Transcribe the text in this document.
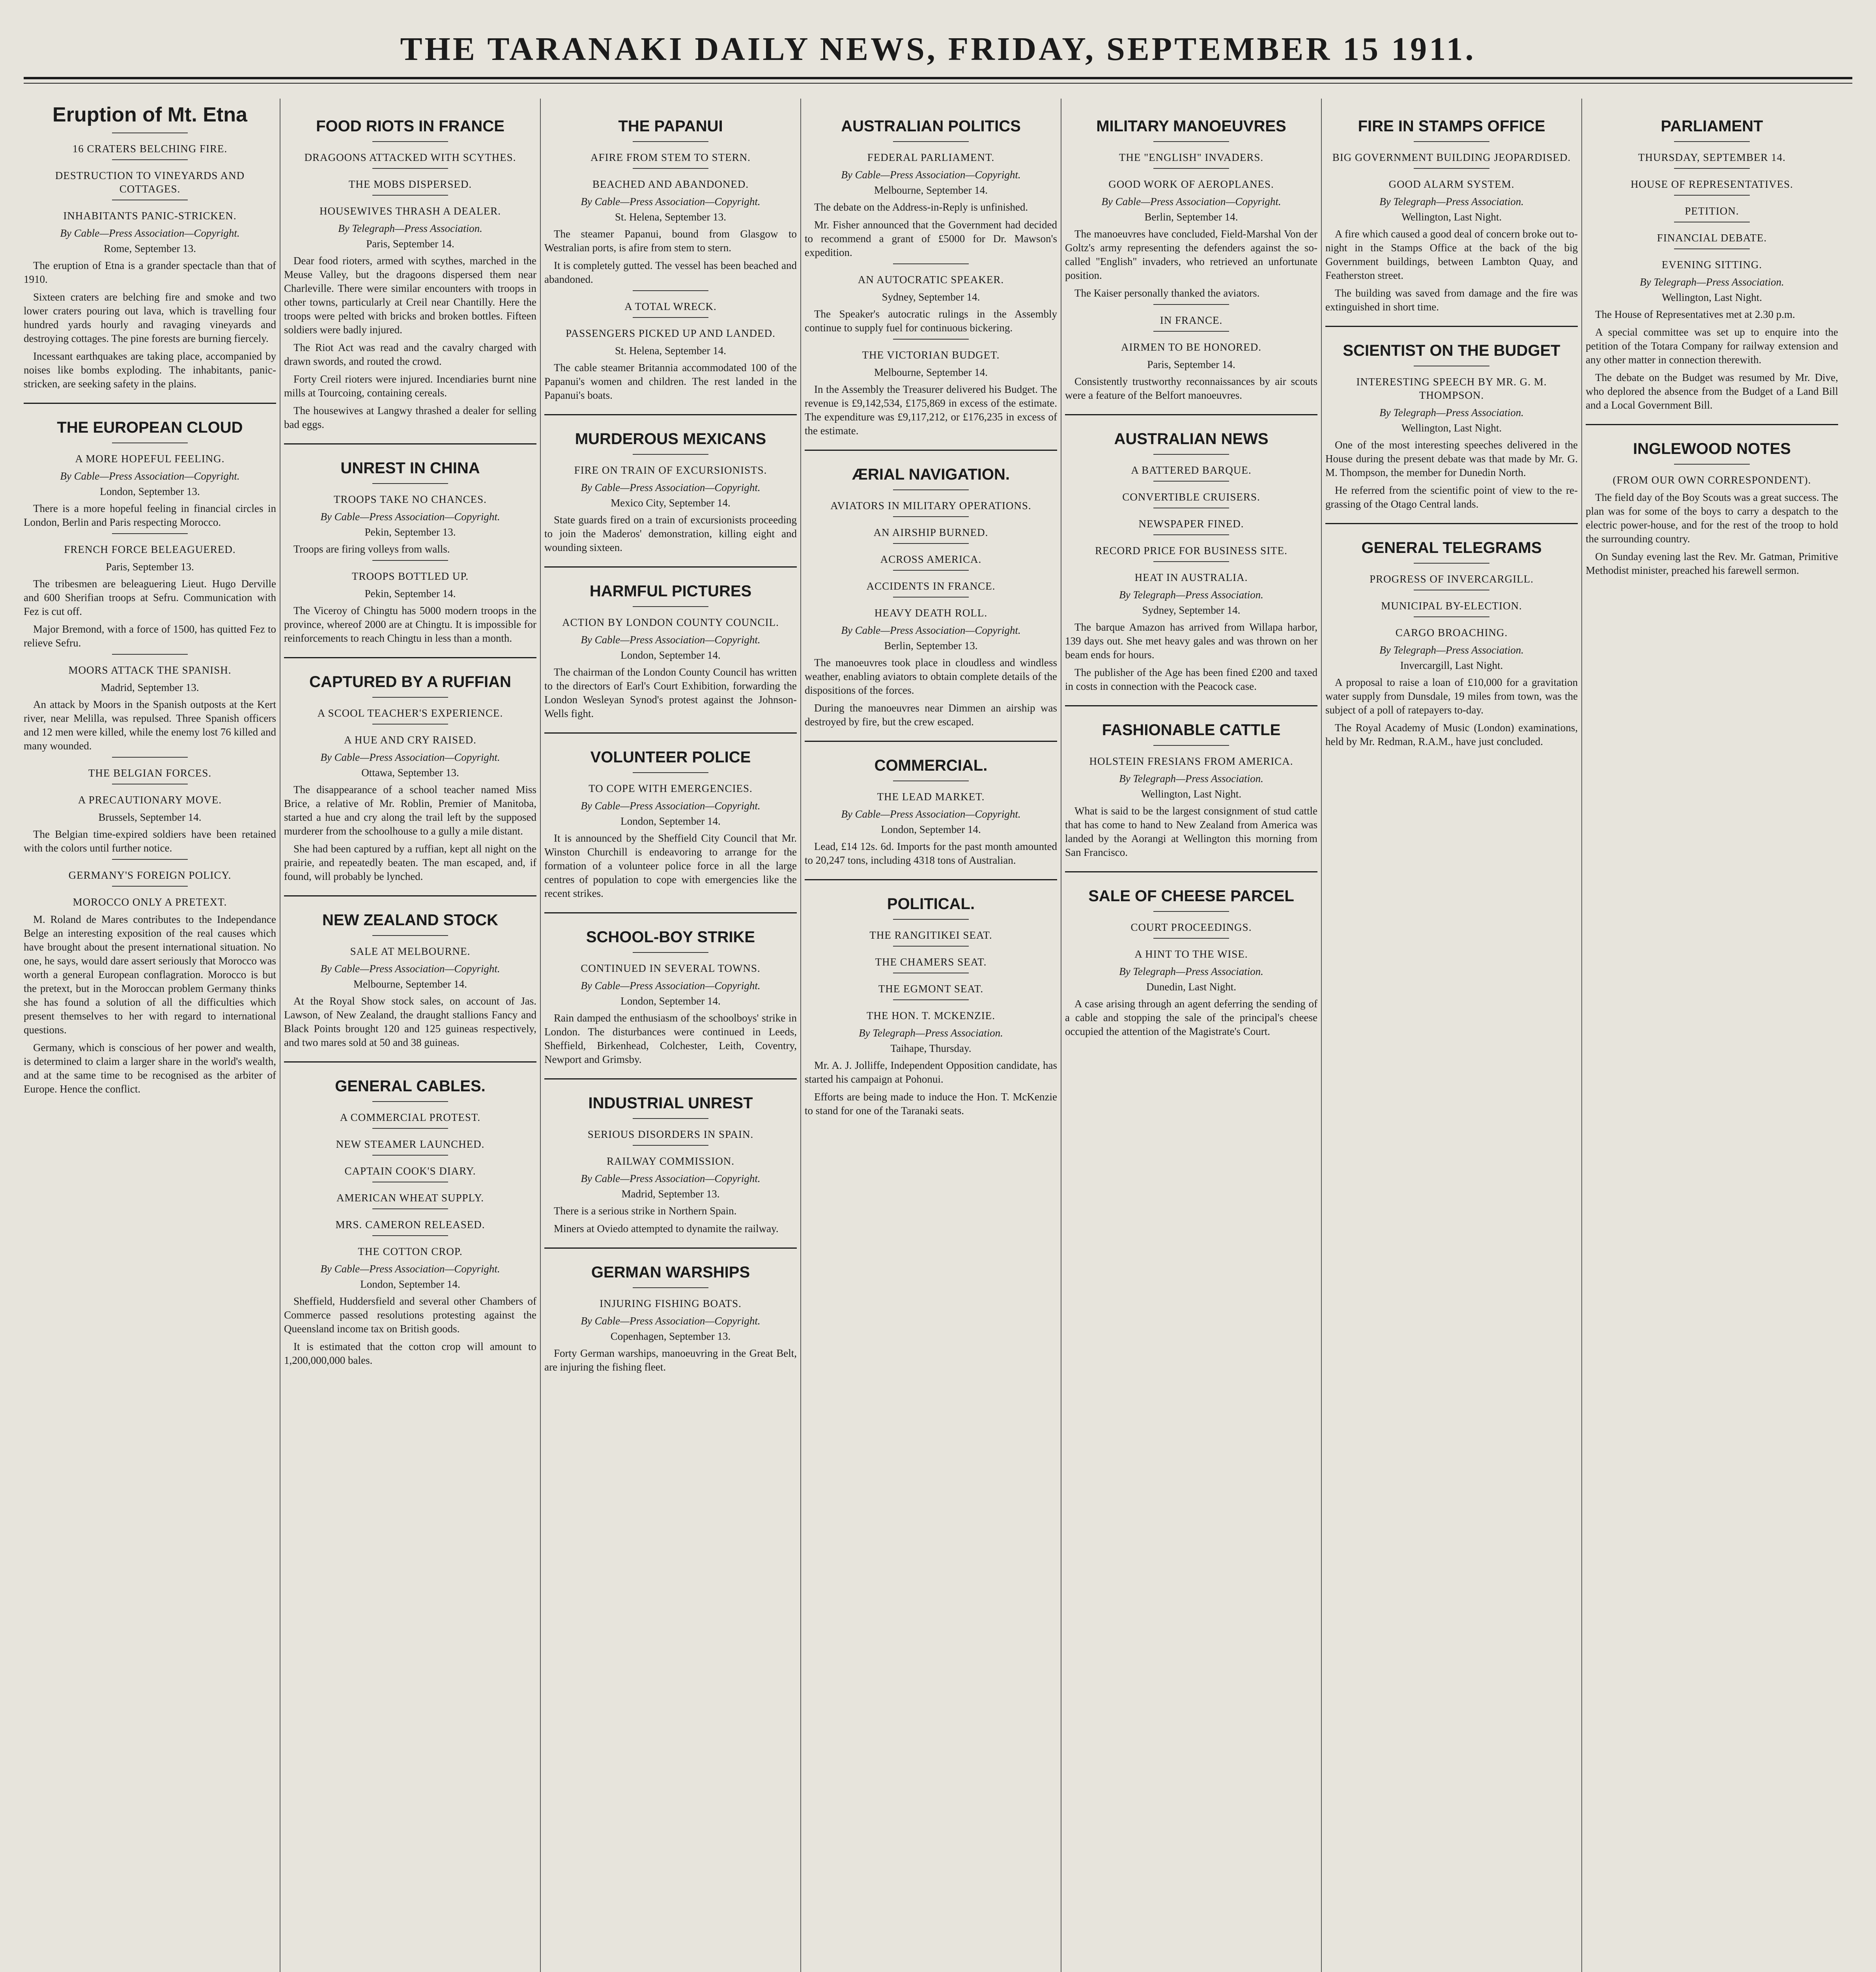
THE TARANAKI DAILY NEWS, FRIDAY, SEPTEMBER 15 1911.
Eruption of Mt. Etna
16 CRATERS BELCHING FIRE.
DESTRUCTION TO VINEYARDS AND COTTAGES.
INHABITANTS PANIC-STRICKEN.
By Cable—Press Association—Copyright.
Rome, September 13.

The eruption of Etna is a grander spectacle than that of 1910.

Sixteen craters are belching fire and smoke and two lower craters pouring out lava, which is travelling four hundred yards hourly and ravaging vineyards and destroying cottages. The pine forests are burning fiercely.

Incessant earthquakes are taking place, accompanied by noises like bombs exploding. The inhabitants, panic-stricken, are seeking safety in the plains.

THE EUROPEAN CLOUD
A MORE HOPEFUL FEELING.
By Cable—Press Association—Copyright.
London, September 13.

There is a more hopeful feeling in financial circles in London, Berlin and Paris respecting Morocco.

FRENCH FORCE BELEAGUERED.
Paris, September 13.

The tribesmen are beleaguering Lieut. Hugo Derville and 600 Sherifian troops at Sefru. Communication with Fez is cut off.

Major Bremond, with a force of 1500, has quitted Fez to relieve Sefru.

MOORS ATTACK THE SPANISH.
Madrid, September 13.

An attack by Moors in the Spanish outposts at the Kert river, near Melilla, was repulsed. Three Spanish officers and 12 men were killed, while the enemy lost 76 killed and many wounded.

THE BELGIAN FORCES.
A PRECAUTIONARY MOVE.
Brussels, September 14.

The Belgian time-expired soldiers have been retained with the colors until further notice.

GERMANY'S FOREIGN POLICY.
MOROCCO ONLY A PRETEXT.

M. Roland de Mares contributes to the Independance Belge an interesting exposition of the real causes which have brought about the present international situation. No one, he says, would dare assert seriously that Morocco was worth a general European conflagration. Morocco is but the pretext, but in the Moroccan problem Germany thinks she has found a solution of all the difficulties which present themselves to her with regard to international questions.

Germany, which is conscious of her power and wealth, is determined to claim a larger share in the world's wealth, and at the same time to be recognised as the arbiter of Europe. Hence the conflict.

FOOD RIOTS IN FRANCE
DRAGOONS ATTACKED WITH SCYTHES.
THE MOBS DISPERSED.
HOUSEWIVES THRASH A DEALER.
By Telegraph—Press Association.
Paris, September 14.

Dear food rioters, armed with scythes, marched in the Meuse Valley, but the dragoons dispersed them near Charleville. There were similar encounters with troops in other towns, particularly at Creil near Chantilly. Here the troops were pelted with bricks and broken bottles. Fifteen soldiers were badly injured.

The Riot Act was read and the cavalry charged with drawn swords, and routed the crowd.

Forty Creil rioters were injured. Incendiaries burnt nine mills at Tourcoing, containing cereals.

The housewives at Langwy thrashed a dealer for selling bad eggs.

UNREST IN CHINA
TROOPS TAKE NO CHANCES.
By Cable—Press Association—Copyright.
Pekin, September 13.

Troops are firing volleys from walls.

TROOPS BOTTLED UP.
Pekin, September 14.

The Viceroy of Chingtu has 5000 modern troops in the province, whereof 2000 are at Chingtu. It is impossible for reinforcements to reach Chingtu in less than a month.

CAPTURED BY A RUFFIAN
A SCOOL TEACHER'S EXPERIENCE.
A HUE AND CRY RAISED.
By Cable—Press Association—Copyright.
Ottawa, September 13.

The disappearance of a school teacher named Miss Brice, a relative of Mr. Roblin, Premier of Manitoba, started a hue and cry along the trail left by the supposed murderer from the schoolhouse to a gully a mile distant.

She had been captured by a ruffian, kept all night on the prairie, and repeatedly beaten. The man escaped, and, if found, will probably be lynched.

NEW ZEALAND STOCK
SALE AT MELBOURNE.
By Cable—Press Association—Copyright.
Melbourne, September 14.

At the Royal Show stock sales, on account of Jas. Lawson, of New Zealand, the draught stallions Fancy and Black Points brought 120 and 125 guineas respectively, and two mares sold at 50 and 38 guineas.

GENERAL CABLES.
A COMMERCIAL PROTEST.
NEW STEAMER LAUNCHED.
CAPTAIN COOK'S DIARY.
AMERICAN WHEAT SUPPLY.
MRS. CAMERON RELEASED.
THE COTTON CROP.
By Cable—Press Association—Copyright.
London, September 14.

Sheffield, Huddersfield and several other Chambers of Commerce passed resolutions protesting against the Queensland income tax on British goods.

It is estimated that the cotton crop will amount to 1,200,000,000 bales.

THE PAPANUI
AFIRE FROM STEM TO STERN.
BEACHED AND ABANDONED.
By Cable—Press Association—Copyright.
St. Helena, September 13.

The steamer Papanui, bound from Glasgow to Westralian ports, is afire from stem to stern.

It is completely gutted. The vessel has been beached and abandoned.

A TOTAL WRECK.
PASSENGERS PICKED UP AND LANDED.
St. Helena, September 14.

The cable steamer Britannia accommodated 100 of the Papanui's women and children. The rest landed in the Papanui's boats.

MURDEROUS MEXICANS
FIRE ON TRAIN OF EXCURSIONISTS.
By Cable—Press Association—Copyright.
Mexico City, September 14.

State guards fired on a train of excursionists proceeding to join the Maderos' demonstration, killing eight and wounding sixteen.

HARMFUL PICTURES
ACTION BY LONDON COUNTY COUNCIL.
By Cable—Press Association—Copyright.
London, September 14.

The chairman of the London County Council has written to the directors of Earl's Court Exhibition, forwarding the London Wesleyan Synod's protest against the Johnson-Wells fight.

VOLUNTEER POLICE
TO COPE WITH EMERGENCIES.
By Cable—Press Association—Copyright.
London, September 14.

It is announced by the Sheffield City Council that Mr. Winston Churchill is endeavoring to arrange for the formation of a volunteer police force in all the large centres of population to cope with emergencies like the recent strikes.

SCHOOL-BOY STRIKE
CONTINUED IN SEVERAL TOWNS.
By Cable—Press Association—Copyright.
London, September 14.

Rain damped the enthusiasm of the schoolboys' strike in London. The disturbances were continued in Leeds, Sheffield, Birkenhead, Colchester, Leith, Coventry, Newport and Grimsby.

INDUSTRIAL UNREST
SERIOUS DISORDERS IN SPAIN.
RAILWAY COMMISSION.
By Cable—Press Association—Copyright.
Madrid, September 13.

There is a serious strike in Northern Spain.

Miners at Oviedo attempted to dynamite the railway.

GERMAN WARSHIPS
INJURING FISHING BOATS.
By Cable—Press Association—Copyright.
Copenhagen, September 13.

Forty German warships, manoeuvring in the Great Belt, are injuring the fishing fleet.

AUSTRALIAN POLITICS
FEDERAL PARLIAMENT.
By Cable—Press Association—Copyright.
Melbourne, September 14.

The debate on the Address-in-Reply is unfinished.

Mr. Fisher announced that the Government had decided to recommend a grant of £5000 for Dr. Mawson's expedition.

AN AUTOCRATIC SPEAKER.
Sydney, September 14.

The Speaker's autocratic rulings in the Assembly continue to supply fuel for continuous bickering.

THE VICTORIAN BUDGET.
Melbourne, September 14.

In the Assembly the Treasurer delivered his Budget. The revenue is £9,142,534, £175,869 in excess of the estimate. The expenditure was £9,117,212, or £176,235 in excess of the estimate.

ÆRIAL NAVIGATION.
AVIATORS IN MILITARY OPERATIONS.
AN AIRSHIP BURNED.
ACROSS AMERICA.
ACCIDENTS IN FRANCE.
HEAVY DEATH ROLL.
By Cable—Press Association—Copyright.
Berlin, September 13.

The manoeuvres took place in cloudless and windless weather, enabling aviators to obtain complete details of the dispositions of the forces.

During the manoeuvres near Dimmen an airship was destroyed by fire, but the crew escaped.

COMMERCIAL.
THE LEAD MARKET.
By Cable—Press Association—Copyright.
London, September 14.

Lead, £14 12s. 6d. Imports for the past month amounted to 20,247 tons, including 4318 tons of Australian.

POLITICAL.
THE RANGITIKEI SEAT.
THE CHAMERS SEAT.
THE EGMONT SEAT.
THE HON. T. MCKENZIE.
By Telegraph—Press Association.
Taihape, Thursday.

Mr. A. J. Jolliffe, Independent Opposition candidate, has started his campaign at Pohonui.

Efforts are being made to induce the Hon. T. McKenzie to stand for one of the Taranaki seats.

MILITARY MANOEUVRES
THE "ENGLISH" INVADERS.
GOOD WORK OF AEROPLANES.
By Cable—Press Association—Copyright.
Berlin, September 14.

The manoeuvres have concluded, Field-Marshal Von der Goltz's army representing the defenders against the so-called "English" invaders, who retrieved an unfortunate position.

The Kaiser personally thanked the aviators.

IN FRANCE.
AIRMEN TO BE HONORED.
Paris, September 14.

Consistently trustworthy reconnaissances by air scouts were a feature of the Belfort manoeuvres.

AUSTRALIAN NEWS
A BATTERED BARQUE.
CONVERTIBLE CRUISERS.
NEWSPAPER FINED.
RECORD PRICE FOR BUSINESS SITE.
HEAT IN AUSTRALIA.
By Telegraph—Press Association.
Sydney, September 14.

The barque Amazon has arrived from Willapa harbor, 139 days out. She met heavy gales and was thrown on her beam ends for hours.

The publisher of the Age has been fined £200 and taxed in costs in connection with the Peacock case.

FASHIONABLE CATTLE
HOLSTEIN FRESIANS FROM AMERICA.
By Telegraph—Press Association.
Wellington, Last Night.

What is said to be the largest consignment of stud cattle that has come to hand to New Zealand from America was landed by the Aorangi at Wellington this morning from San Francisco.

SALE OF CHEESE PARCEL
COURT PROCEEDINGS.
A HINT TO THE WISE.
By Telegraph—Press Association.
Dunedin, Last Night.

A case arising through an agent deferring the sending of a cable and stopping the sale of the principal's cheese occupied the attention of the Magistrate's Court.

FIRE IN STAMPS OFFICE
BIG GOVERNMENT BUILDING JEOPARDISED.
GOOD ALARM SYSTEM.
By Telegraph—Press Association.
Wellington, Last Night.

A fire which caused a good deal of concern broke out to-night in the Stamps Office at the back of the big Government buildings, between Lambton Quay, and Featherston street.

The building was saved from damage and the fire was extinguished in short time.

SCIENTIST ON THE BUDGET
INTERESTING SPEECH BY MR. G. M. THOMPSON.
By Telegraph—Press Association.
Wellington, Last Night.

One of the most interesting speeches delivered in the House during the present debate was that made by Mr. G. M. Thompson, the member for Dunedin North.

He referred from the scientific point of view to the re-grassing of the Otago Central lands.

GENERAL TELEGRAMS
PROGRESS OF INVERCARGILL.
MUNICIPAL BY-ELECTION.
CARGO BROACHING.
By Telegraph—Press Association.
Invercargill, Last Night.

A proposal to raise a loan of £10,000 for a gravitation water supply from Dunsdale, 19 miles from town, was the subject of a poll of ratepayers to-day.

The Royal Academy of Music (London) examinations, held by Mr. Redman, R.A.M., have just concluded.

PARLIAMENT
THURSDAY, SEPTEMBER 14.
HOUSE OF REPRESENTATIVES.
PETITION.
FINANCIAL DEBATE.
EVENING SITTING.
By Telegraph—Press Association.
Wellington, Last Night.

The House of Representatives met at 2.30 p.m.

A special committee was set up to enquire into the petition of the Totara Company for railway extension and any other matter in connection therewith.

The debate on the Budget was resumed by Mr. Dive, who deplored the absence from the Budget of a Land Bill and a Local Government Bill.

INGLEWOOD NOTES
(FROM OUR OWN CORRESPONDENT).

The field day of the Boy Scouts was a great success. The plan was for some of the boys to carry a despatch to the electric power-house, and for the rest of the troop to hold the surrounding country.

On Sunday evening last the Rev. Mr. Gatman, Primitive Methodist minister, preached his farewell sermon.
